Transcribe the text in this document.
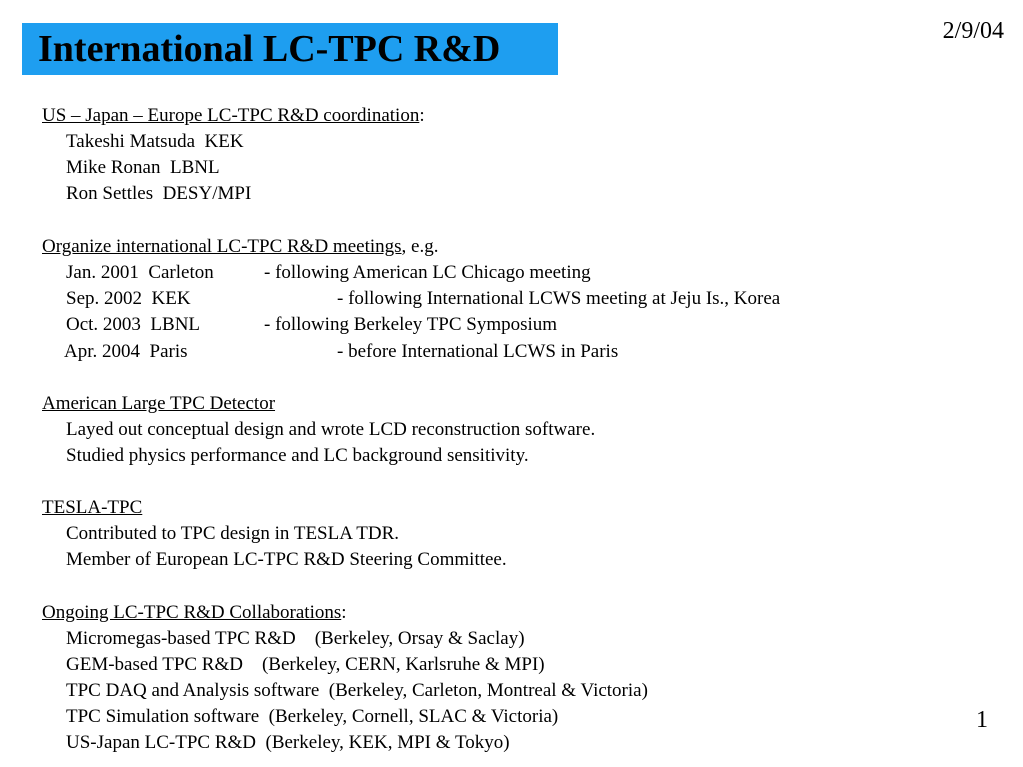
International LC-TPC R&D	2/9/04
1
US – Japan – Europe LC-TPC R&D coordination:
Takeshi Matsuda  KEK
Mike Ronan  LBNL
Ron Settles  DESY/MPI
Organize international LC-TPC R&D meetings, e.g.
Jan. 2001  Carleton	- following American LC Chicago meeting
Sep. 2002  KEK	- following International LCWS meeting at Jeju Is., Korea
Oct. 2003  LBNL	- following Berkeley TPC Symposium
Apr. 2004  Paris	- before International LCWS in Paris
American Large TPC Detector
Layed out conceptual design and wrote LCD reconstruction software.
Studied physics performance and LC background sensitivity.
TESLA-TPC
Contributed to TPC design in TESLA TDR.
Member of European LC-TPC R&D Steering Committee.
Ongoing LC-TPC R&D Collaborations:
Micromegas-based TPC R&D    (Berkeley, Orsay & Saclay)
GEM-based TPC R&D    (Berkeley, CERN, Karlsruhe & MPI)
TPC DAQ and Analysis software  (Berkeley, Carleton, Montreal & Victoria)
TPC Simulation software  (Berkeley, Cornell, SLAC & Victoria)
US-Japan LC-TPC R&D  (Berkeley, KEK, MPI & Tokyo)
